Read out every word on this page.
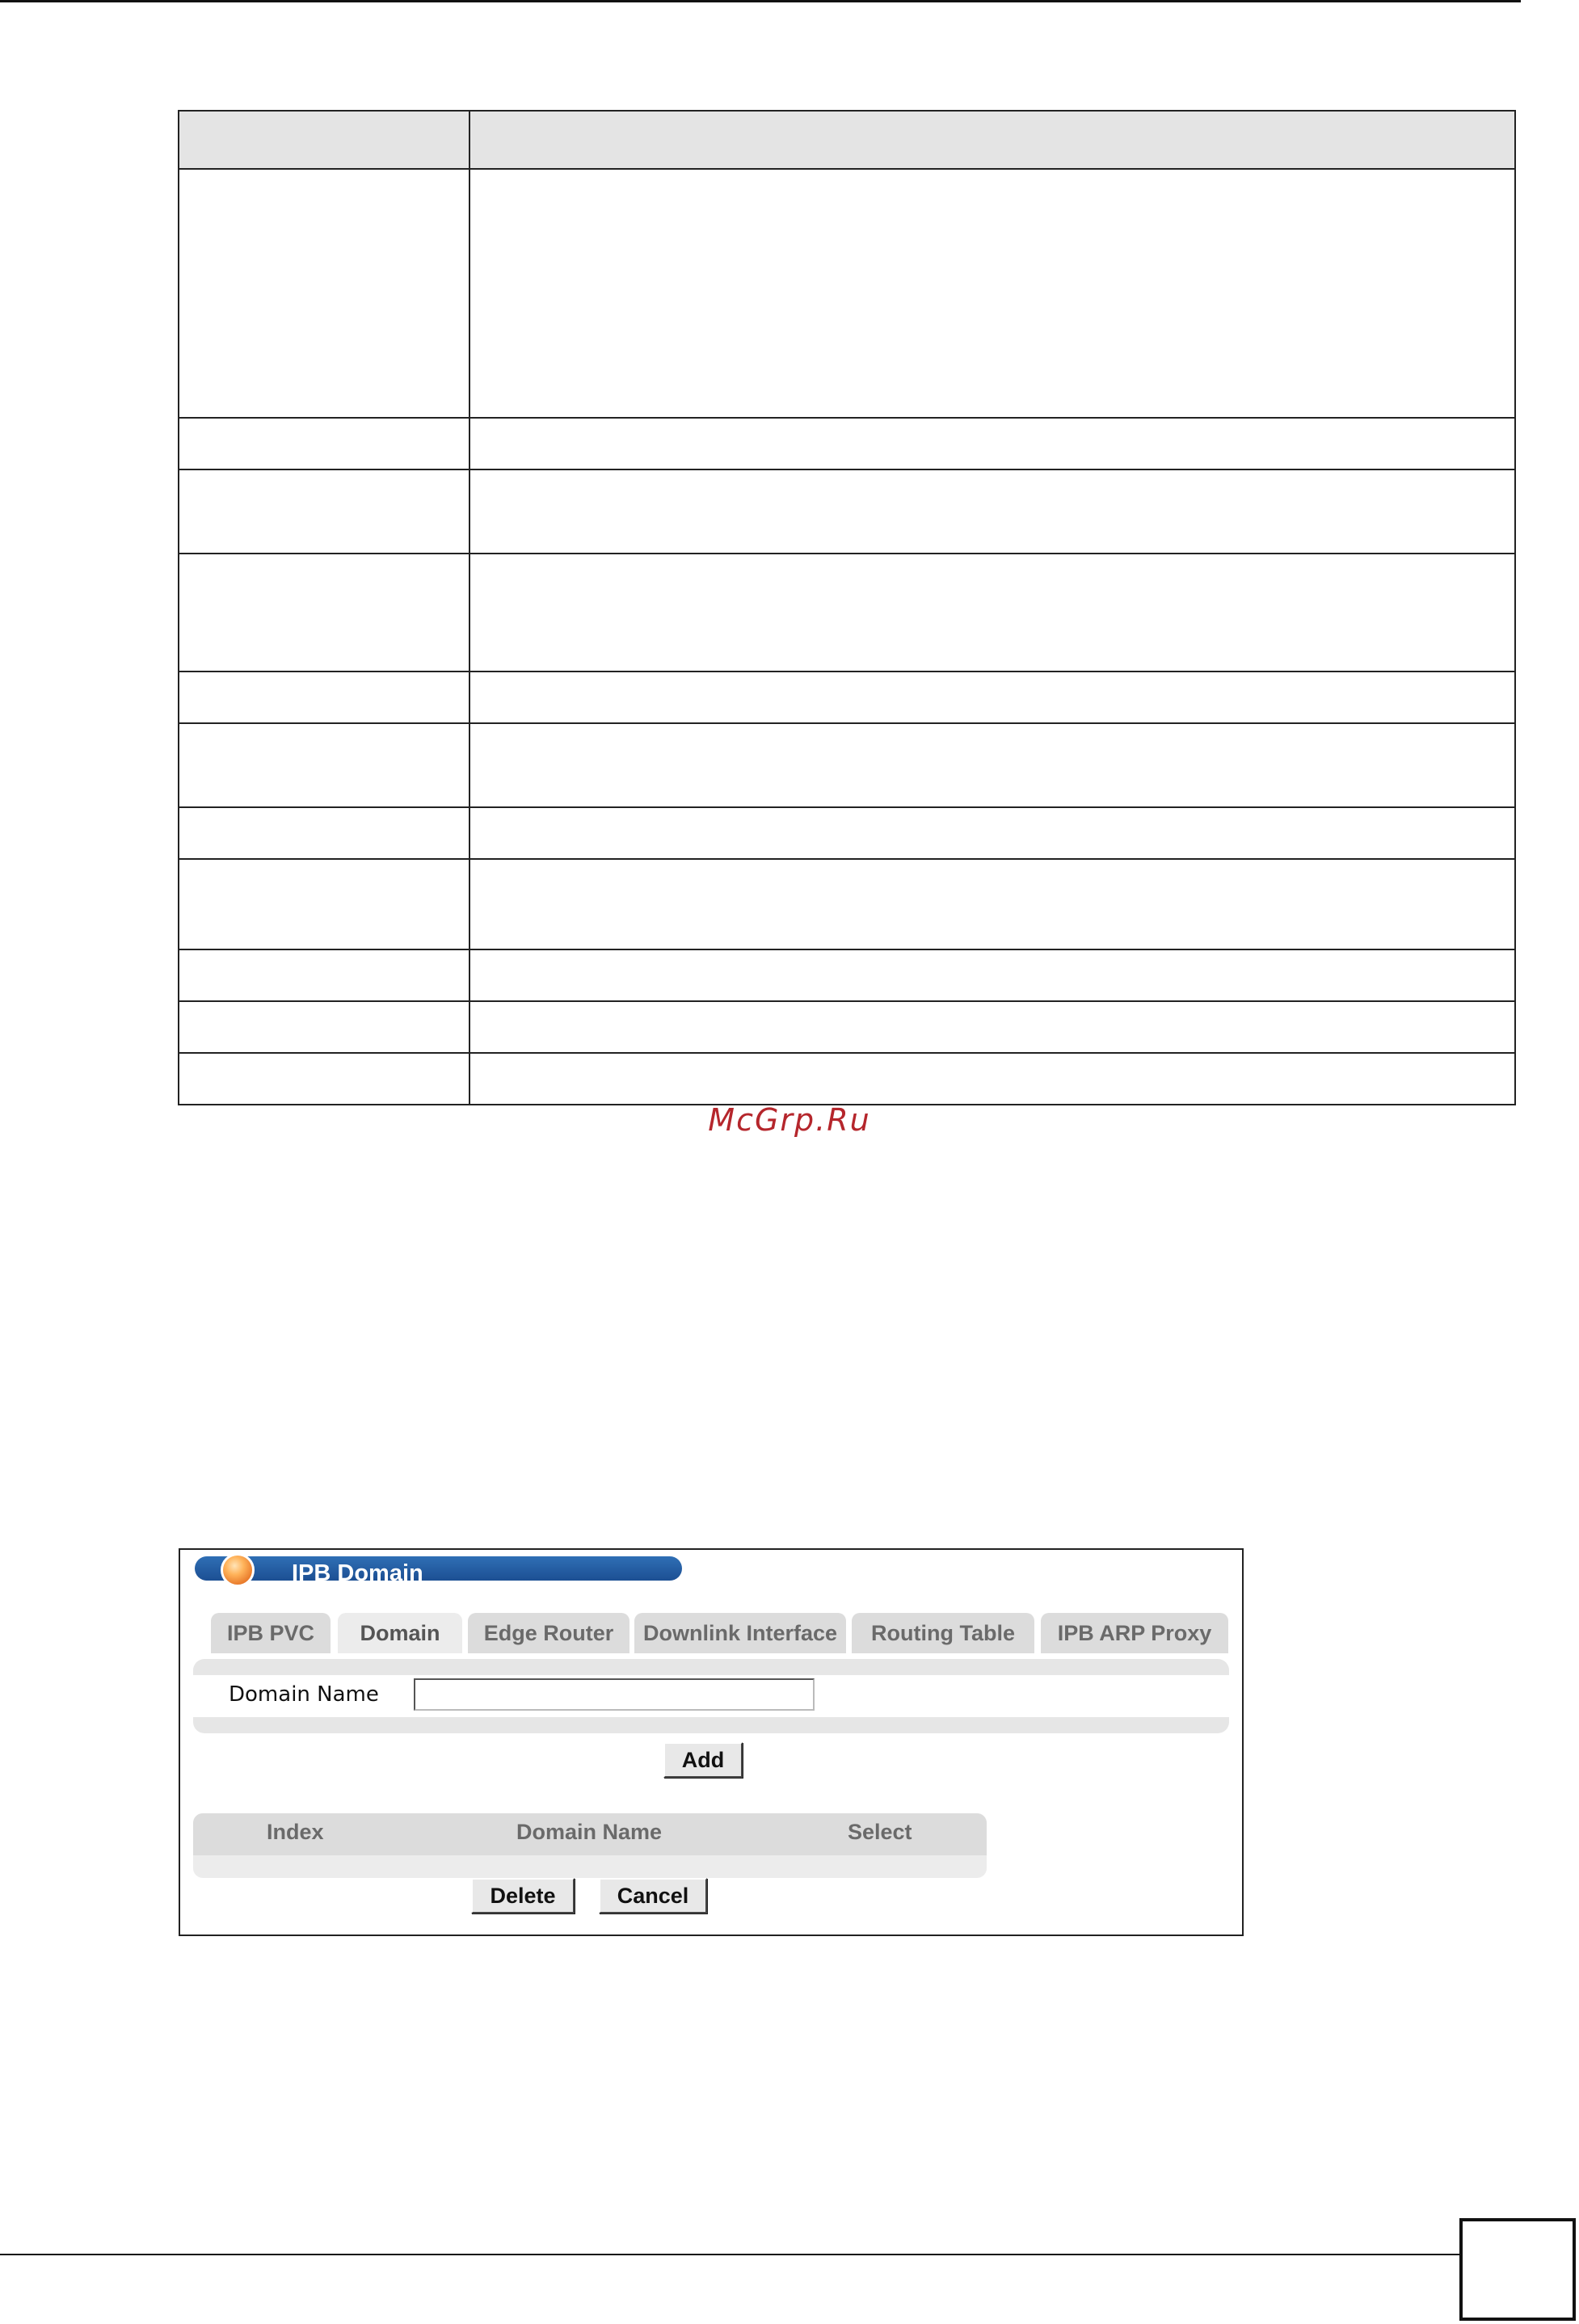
McGrp.Ru
IPB Domain
IPB PVC	Domain	Edge Router	Downlink Interface	Routing Table	IPB ARP Proxy
Domain Name
Add
Index	Domain Name	Select
Delete	Cancel
